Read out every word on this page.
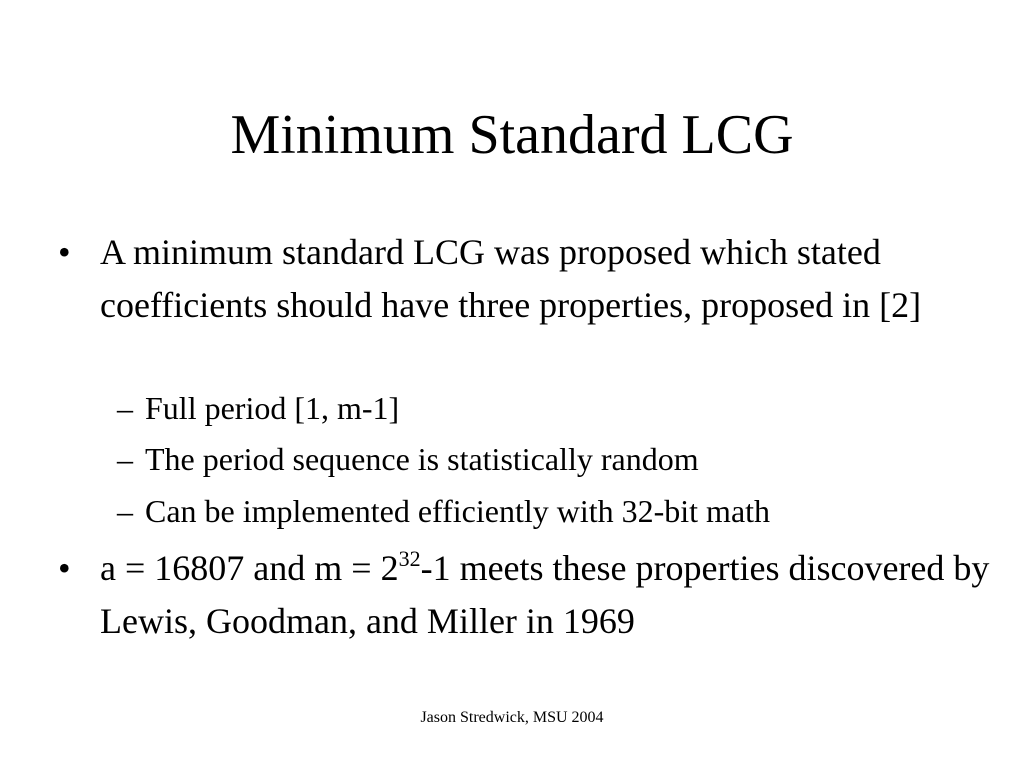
Minimum Standard LCG
• A minimum standard LCG was proposed which stated coefficients should have three properties, proposed in [2]
– Full period [1, m-1]
– The period sequence is statistically random
– Can be implemented efficiently with 32-bit math
• a = 16807 and $m = 2^{32}-1$ meets these properties discovered by Lewis, Goodman, and Miller in 1969
Jason Stredwick, MSU 2004
